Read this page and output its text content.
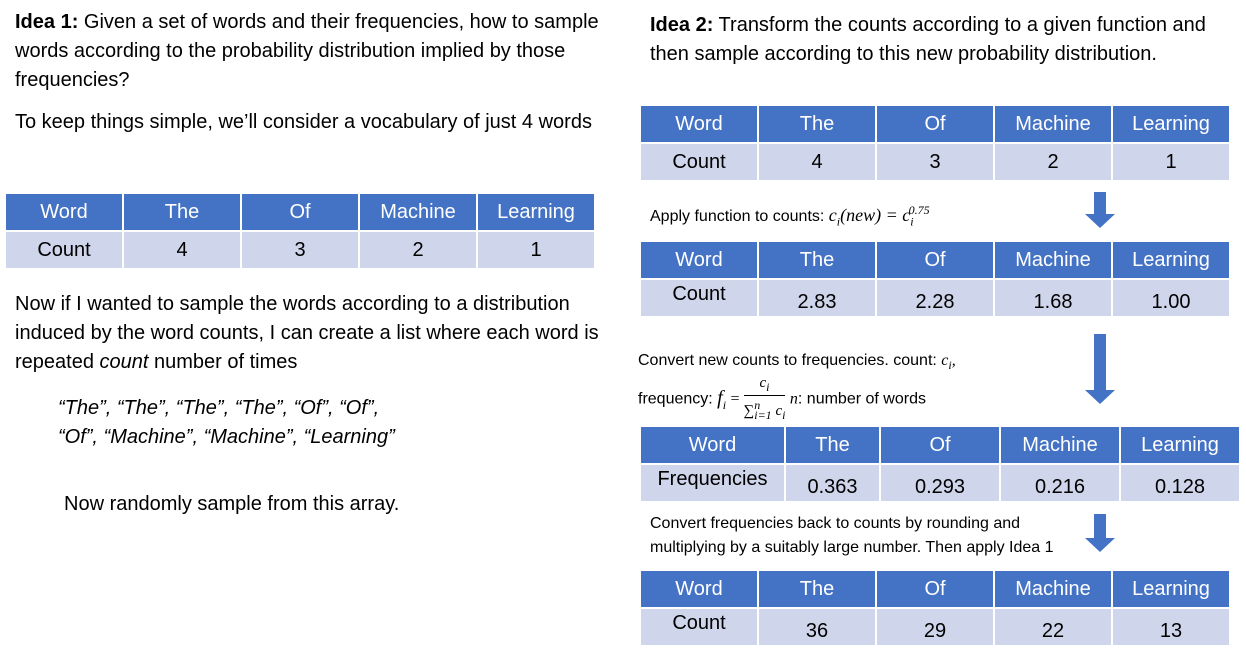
Idea 1: Given a set of words and their frequencies, how to sample words according to the probability distribution implied by those frequencies?
To keep things simple, we’ll consider a vocabulary of just 4 words
Word	The	Of	Machine	Learning
Count	4	3	2	1
Now if I wanted to sample the words according to a distribution induced by the word counts, I can create a list where each word is repeated count number of times
“The”, “The”, “The”, “The”, “Of”, “Of”,
“Of”, “Machine”, “Machine”, “Learning”
Now randomly sample from this array.
Idea 2: Transform the counts according to a given function and then sample according to this new probability distribution.
Word	The	Of	Machine	Learning
Count	4	3	2	1
Apply function to counts: $c_i(new) = c_i^{0.75}$
Word	The	Of	Machine	Learning
Count	2.83	2.28	1.68	1.00
Convert new counts to frequencies. count: $c_i$,
frequency: $f_i = \frac{c_i}{\sum^n_{i=1} c_i} n$: number of words
Word	The	Of	Machine	Learning
Frequencies	0.363	0.293	0.216	0.128
Convert frequencies back to counts by rounding and
multiplying by a suitably large number. Then apply Idea 1
Word	The	Of	Machine	Learning
Count	36	29	22	13
